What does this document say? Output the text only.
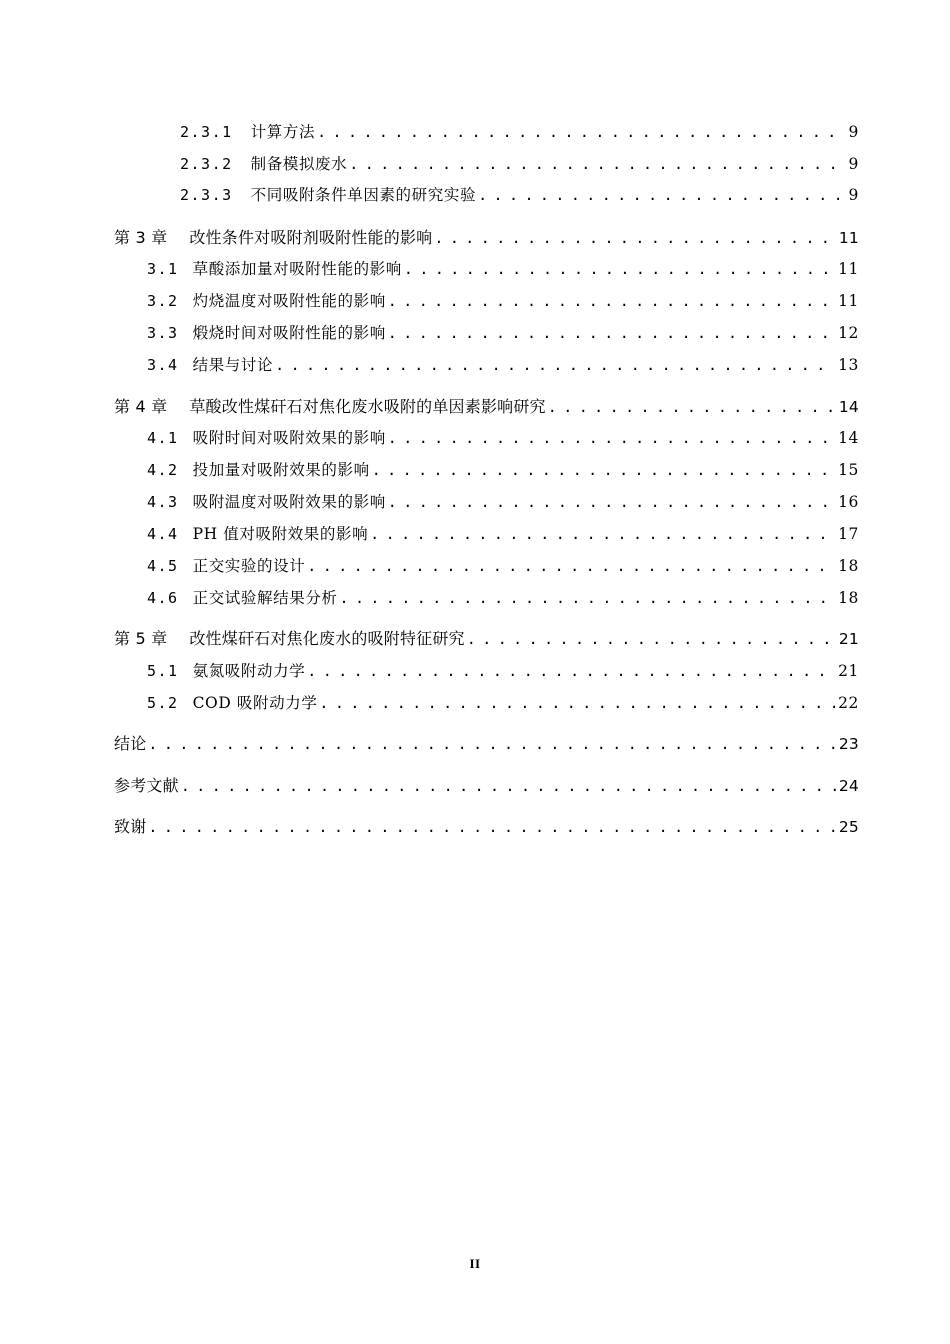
2.3.1 计算方法 . . .	9
2.3.2 制备模拟废水 . . .	9
2.3.3 不同吸附条件单因素的研究实验 . . .	9
第 3 章 改性条件对吸附剂吸附性能的影响 . . .	11
3.1 草酸添加量对吸附性能的影响 . . .	11
3.2 灼烧温度对吸附性能的影响 . . .	11
3.3 煅烧时间对吸附性能的影响 . . .	12
3.4 结果与讨论 . . .	13
第 4 章 草酸改性煤矸石对焦化废水吸附的单因素影响研究 . . .	14
4.1 吸附时间对吸附效果的影响 . . .	14
4.2 投加量对吸附效果的影响 . . .	15
4.3 吸附温度对吸附效果的影响 . . .	16
4.4 PH 值对吸附效果的影响 . . .	17
4.5 正交实验的设计 . . .	18
4.6 正交试验解结果分析 . . .	18
第 5 章 改性煤矸石对焦化废水的吸附特征研究 . . .	21
5.1 氨氮吸附动力学 . . .	21
5.2 COD 吸附动力学 . . .	22
结论 . . .	23
参考文献 . . .	24
致谢 . . .	25
II
